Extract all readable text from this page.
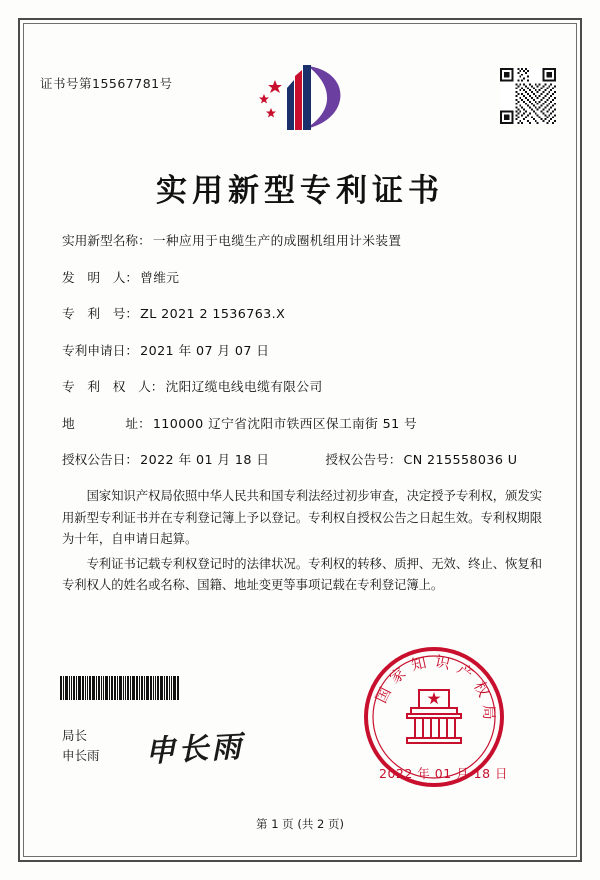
证书号第15567781号
实用新型专利证书
实用新型名称： 一种应用于电缆生产的成圈机组用计米装置
发　明　人： 曾维元
专　利　号： ZL 2021 2 1536763.X
专利申请日： 2021 年 07 月 07 日
专　利　权　人： 沈阳辽缆电线电缆有限公司
地　　　　址： 110000 辽宁省沈阳市铁西区保工南街 51 号
授权公告日： 2022 年 01 月 18 日	授权公告号： CN 215558036 U

国家知识产权局依照中华人民共和国专利法经过初步审查，决定授予专利权，颁发实用新型专利证书并在专利登记簿上予以登记。专利权自授权公告之日起生效。专利权期限为十年，自申请日起算。

专利证书记载专利权登记时的法律状况。专利权的转移、质押、无效、终止、恢复和专利权人的姓名或名称、国籍、地址变更等事项记载在专利登记簿上。

局长
申长雨 申长雨
国家知识产权局
2022 年 01 月 18 日
第 1 页 (共 2 页)
